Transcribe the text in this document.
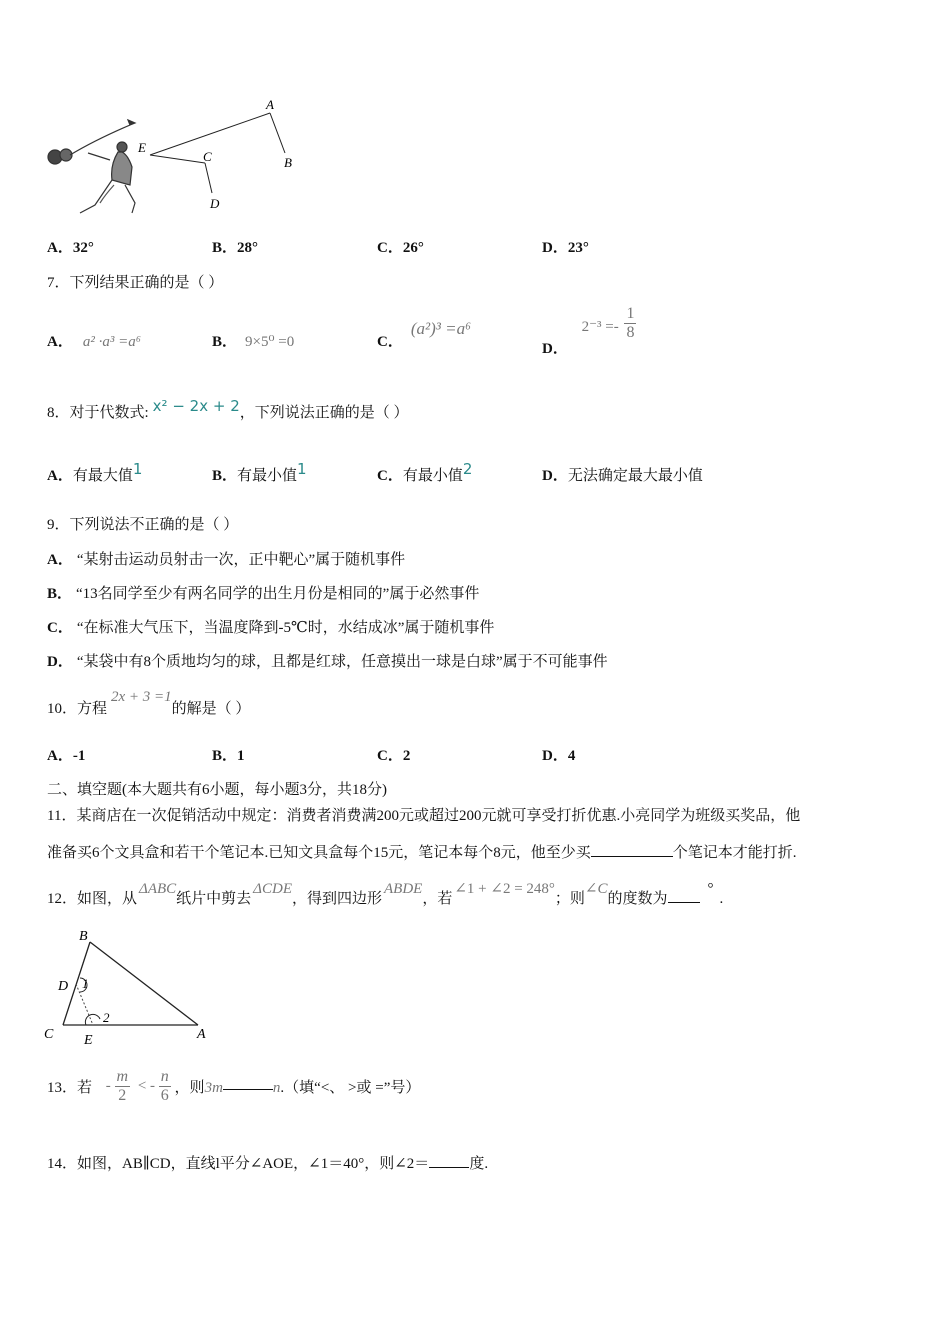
A
B
C
D
E
A．32°	B．28°	C．26°	D．23°
7．下列结果正确的是（ ）
A． a² ·a³ =a⁶	B． 9×5⁰ =0	C．(a²)³ =a⁶
D． $2^{-3} =- \frac{1}{8}$
8．对于代数式: x² − 2x + 2，下列说法正确的是（ ）
A．有最大值1	B．有最小值1	C．有最小值2	D．无法确定最大最小值
9．下列说法不正确的是（ ）
A． “某射击运动员射击一次，正中靶心”属于随机事件
B． “13名同学至少有两名同学的出生月份是相同的”属于必然事件
C． “在标准大气压下，当温度降到-5℃时，水结成冰”属于随机事件
D． “某袋中有8个质地均匀的球，且都是红球，任意摸出一球是白球”属于不可能事件
10．方程2x + 3 =1的解是（ ）
A．-1	B．1	C．2	D．4
二、填空题(本大题共有6小题，每小题3分，共18分)
11．某商店在一次促销活动中规定：消费者消费满200元或超过200元就可享受打折优惠.小亮同学为班级买奖品，他
准备买6个文具盒和若干个笔记本.已知文具盒每个15元，笔记本每个8元，他至少买	个笔记本才能打折.
12．如图，从ΔABC纸片中剪去ΔCDE，得到四边形ABDE，若∠1 + ∠2 = 248°；则∠C的度数为°.
B
D 1
2
C E	A
13．若 - $\frac{m}{2}$ < - $\frac{n}{6}$ ，则3m	n.（填“<、 >或 =”号）
14．如图，AB∥CD，直线l平分∠AOE，∠1＝40°，则∠2＝	度.
